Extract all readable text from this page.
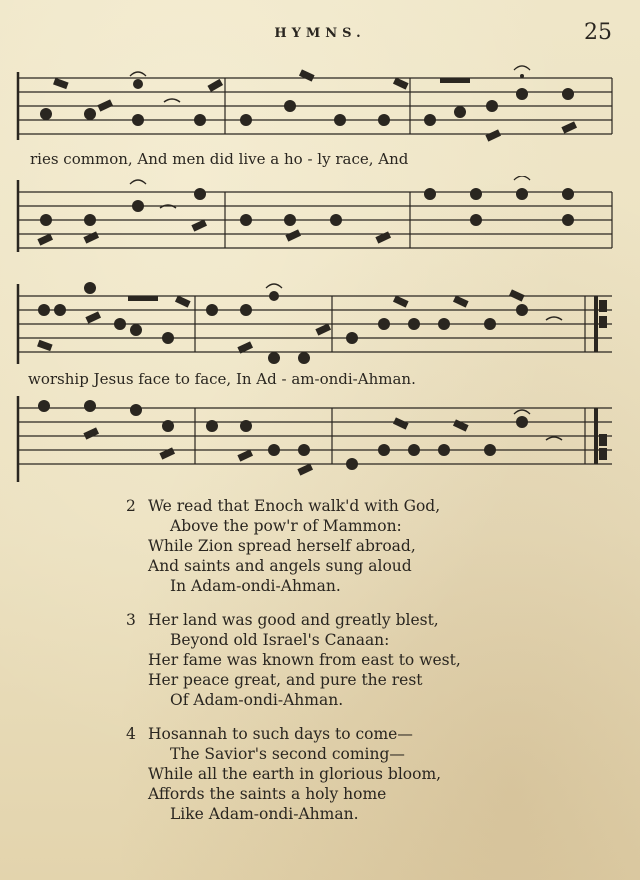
HYMNS.	25
ries common, And men did live a ho - ly race, And
worship Jesus face to face, In Ad - am-ondi-Ahman.
2 We read that Enoch walk'd with God,
Above the pow'r of Mammon:
While Zion spread herself abroad,
And saints and angels sung aloud
In Adam-ondi-Ahman.
3 Her land was good and greatly blest,
Beyond old Israel's Canaan:
Her fame was known from east to west,
Her peace great, and pure the rest
Of Adam-ondi-Ahman.
4 Hosannah to such days to come—
The Savior's second coming—
While all the earth in glorious bloom,
Affords the saints a holy home
Like Adam-ondi-Ahman.
